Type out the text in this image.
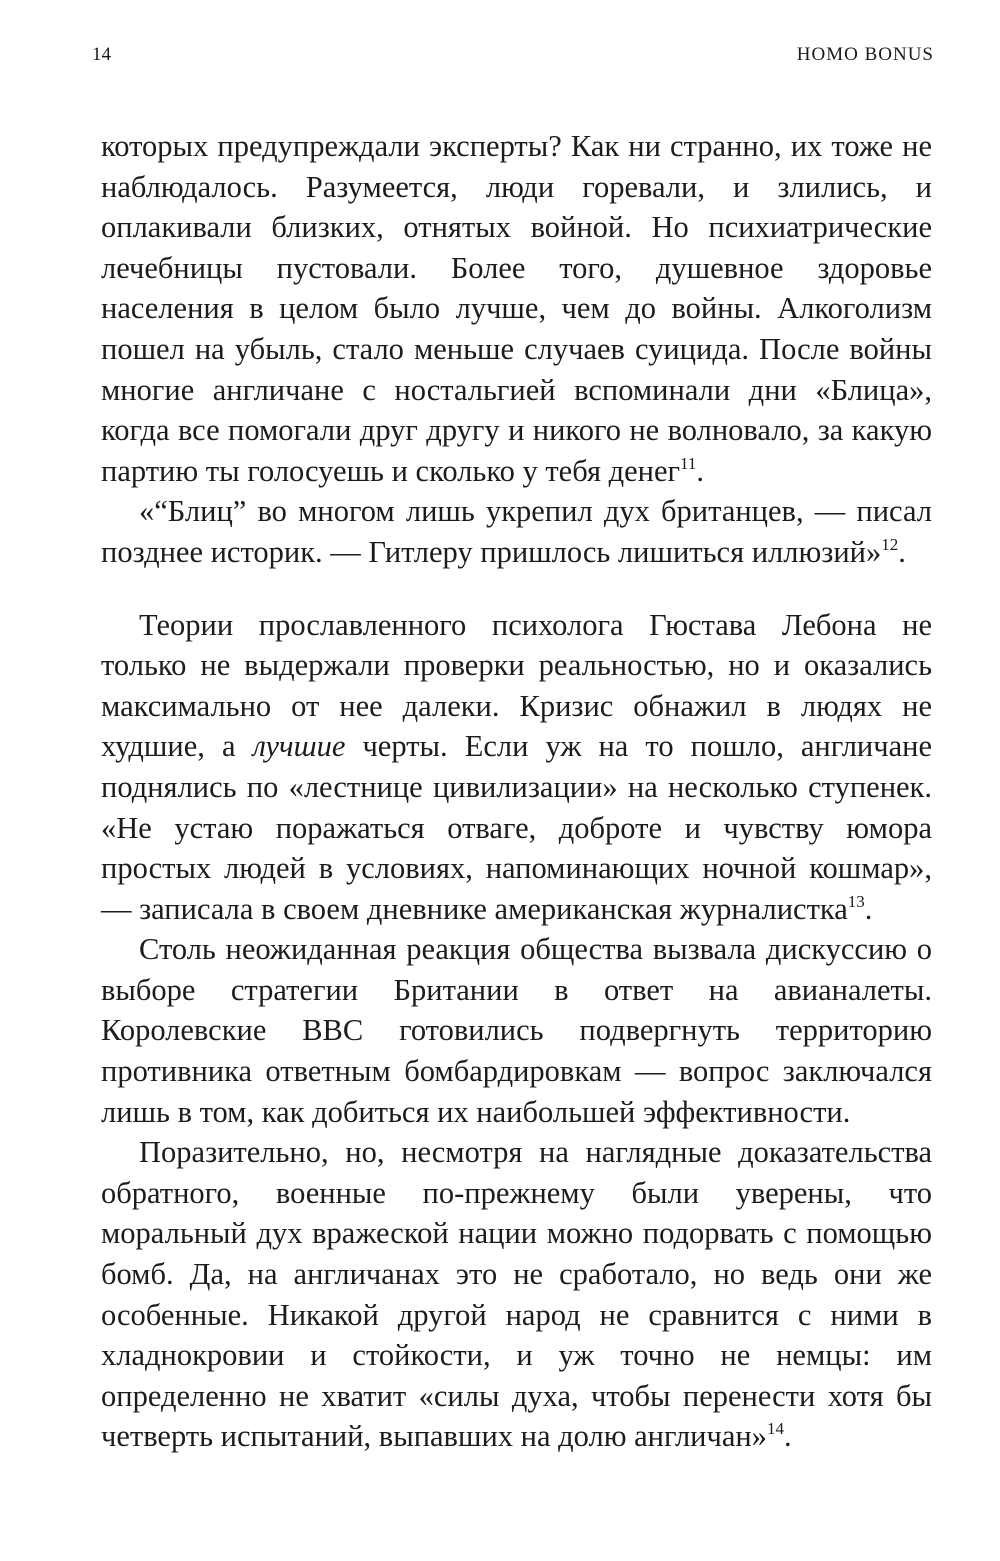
14	HOMO BONUS

которых предупреждали эксперты? Как ни странно, их тоже не наблюдалось. Разумеется, люди горевали, и злились, и оплакивали близких, отнятых войной. Но психиатрические лечебницы пустовали. Более того, душевное здоровье населения в целом было лучше, чем до войны. Алкоголизм пошел на убыль, стало меньше случаев суицида. После войны многие англичане с ностальгией вспоминали дни «Блица», когда все помогали друг другу и никого не волновало, за какую партию ты голосуешь и сколько у тебя денег$^{11}$.

«“Блиц” во многом лишь укрепил дух британцев, — писал позднее историк. — Гитлеру пришлось лишиться иллюзий»$^{12}$.

Теории прославленного психолога Гюстава Лебона не только не выдержали проверки реальностью, но и оказались максимально от нее далеки. Кризис обнажил в людях не худшие, а лучшие черты. Если уж на то пошло, англичане поднялись по «лестнице цивилизации» на несколько ступенек. «Не устаю поражаться отваге, доброте и чувству юмора простых людей в условиях, напоминающих ночной кошмар», — записала в своем дневнике американская журналистка$^{13}$.

Столь неожиданная реакция общества вызвала дискуссию о выборе стратегии Британии в ответ на авианалеты. Королевские ВВС готовились подвергнуть территорию противника ответным бомбардировкам — вопрос заключался лишь в том, как добиться их наибольшей эффективности.

Поразительно, но, несмотря на наглядные доказательства обратного, военные по-прежнему были уверены, что моральный дух вражеской нации можно подорвать с помощью бомб. Да, на англичанах это не сработало, но ведь они же особенные. Никакой другой народ не сравнится с ними в хладнокровии и стойкости, и уж точно не немцы: им определенно не хватит «силы духа, чтобы перенести хотя бы четверть испытаний, выпавших на долю англичан»$^{14}$.
